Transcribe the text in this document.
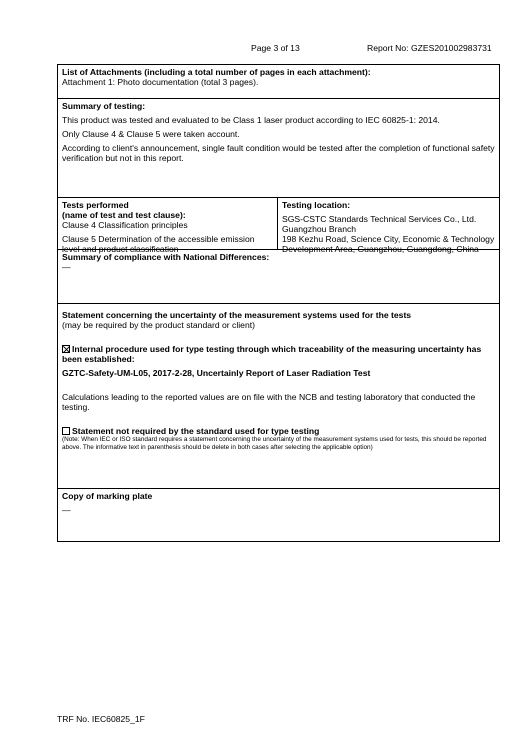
Page 3 of 13	Report No: GZES201002983731
List of Attachments (including a total number of pages in each attachment):
Attachment 1: Photo documentation (total 3 pages).
Summary of testing:
This product was tested and evaluated to be Class 1 laser product according to IEC 60825-1: 2014.
Only Clause 4 & Clause 5 were taken account.
According to client's announcement, single fault condition would be tested after the completion of functional safety verification but not in this report.
Tests performed
(name of test and test clause):
Clause 4 Classification principles
Clause 5 Determination of the accessible emission level and product classification
Testing location:
SGS-CSTC Standards Technical Services Co., Ltd. Guangzhou Branch
198 Kezhu Road, Science City, Economic & Technology Development Area, Guangzhou, Guangdong, China
Summary of compliance with National Differences:
—
Statement concerning the uncertainty of the measurement systems used for the tests
(may be required by the product standard or client)
Internal procedure used for type testing through which traceability of the measuring uncertainty has been established:
GZTC-Safety-UM-L05, 2017-2-28, Uncertainly Report of Laser Radiation Test
Calculations leading to the reported values are on file with the NCB and testing laboratory that conducted the testing.
Statement not required by the standard used for type testing
(Note: When IEC or ISO standard requires a statement concerning the uncertainty of the measurement systems used for tests, this should be reported above. The informative text in parenthesis should be delete in both cases after selecting the applicable option)
Copy of marking plate
—
TRF No. IEC60825_1F
